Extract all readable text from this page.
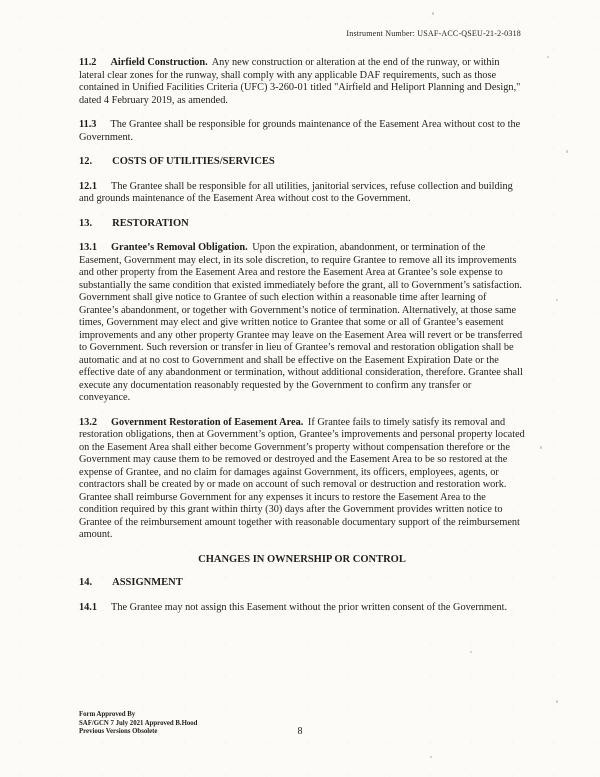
Instrument Number: USAF-ACC-QSEU-21-2-0318

11.2 Airfield Construction. Any new construction or alteration at the end of the runway, or within lateral clear zones for the runway, shall comply with any applicable DAF requirements, such as those contained in Unified Facilities Criteria (UFC) 3-260-01 titled "Airfield and Heliport Planning and Design," dated 4 February 2019, as amended.

11.3 The Grantee shall be responsible for grounds maintenance of the Easement Area without cost to the Government.

12. COSTS OF UTILITIES/SERVICES

12.1 The Grantee shall be responsible for all utilities, janitorial services, refuse collection and building and grounds maintenance of the Easement Area without cost to the Government.

13. RESTORATION

13.1 Grantee’s Removal Obligation. Upon the expiration, abandonment, or termination of the Easement, Government may elect, in its sole discretion, to require Grantee to remove all its improvements and other property from the Easement Area and restore the Easement Area at Grantee’s sole expense to substantially the same condition that existed immediately before the grant, all to Government’s satisfaction. Government shall give notice to Grantee of such election within a reasonable time after learning of Grantee’s abandonment, or together with Government’s notice of termination. Alternatively, at those same times, Government may elect and give written notice to Grantee that some or all of Grantee’s easement improvements and any other property Grantee may leave on the Easement Area will revert or be transferred to Government. Such reversion or transfer in lieu of Grantee’s removal and restoration obligation shall be automatic and at no cost to Government and shall be effective on the Easement Expiration Date or the effective date of any abandonment or termination, without additional consideration, therefore. Grantee shall execute any documentation reasonably requested by the Government to confirm any transfer or conveyance.

13.2 Government Restoration of Easement Area. If Grantee fails to timely satisfy its removal and restoration obligations, then at Government’s option, Grantee’s improvements and personal property located on the Easement Area shall either become Government’s property without compensation therefore or the Government may cause them to be removed or destroyed and the Easement Area to be so restored at the expense of Grantee, and no claim for damages against Government, its officers, employees, agents, or contractors shall be created by or made on account of such removal or destruction and restoration work. Grantee shall reimburse Government for any expenses it incurs to restore the Easement Area to the condition required by this grant within thirty (30) days after the Government provides written notice to Grantee of the reimbursement amount together with reasonable documentary support of the reimbursement amount.

CHANGES IN OWNERSHIP OR CONTROL

14. ASSIGNMENT

14.1 The Grantee may not assign this Easement without the prior written consent of the Government.

Form Approved By
SAF/GCN 7 July 2021 Approved B.Hood
Previous Versions Obsolete	8
